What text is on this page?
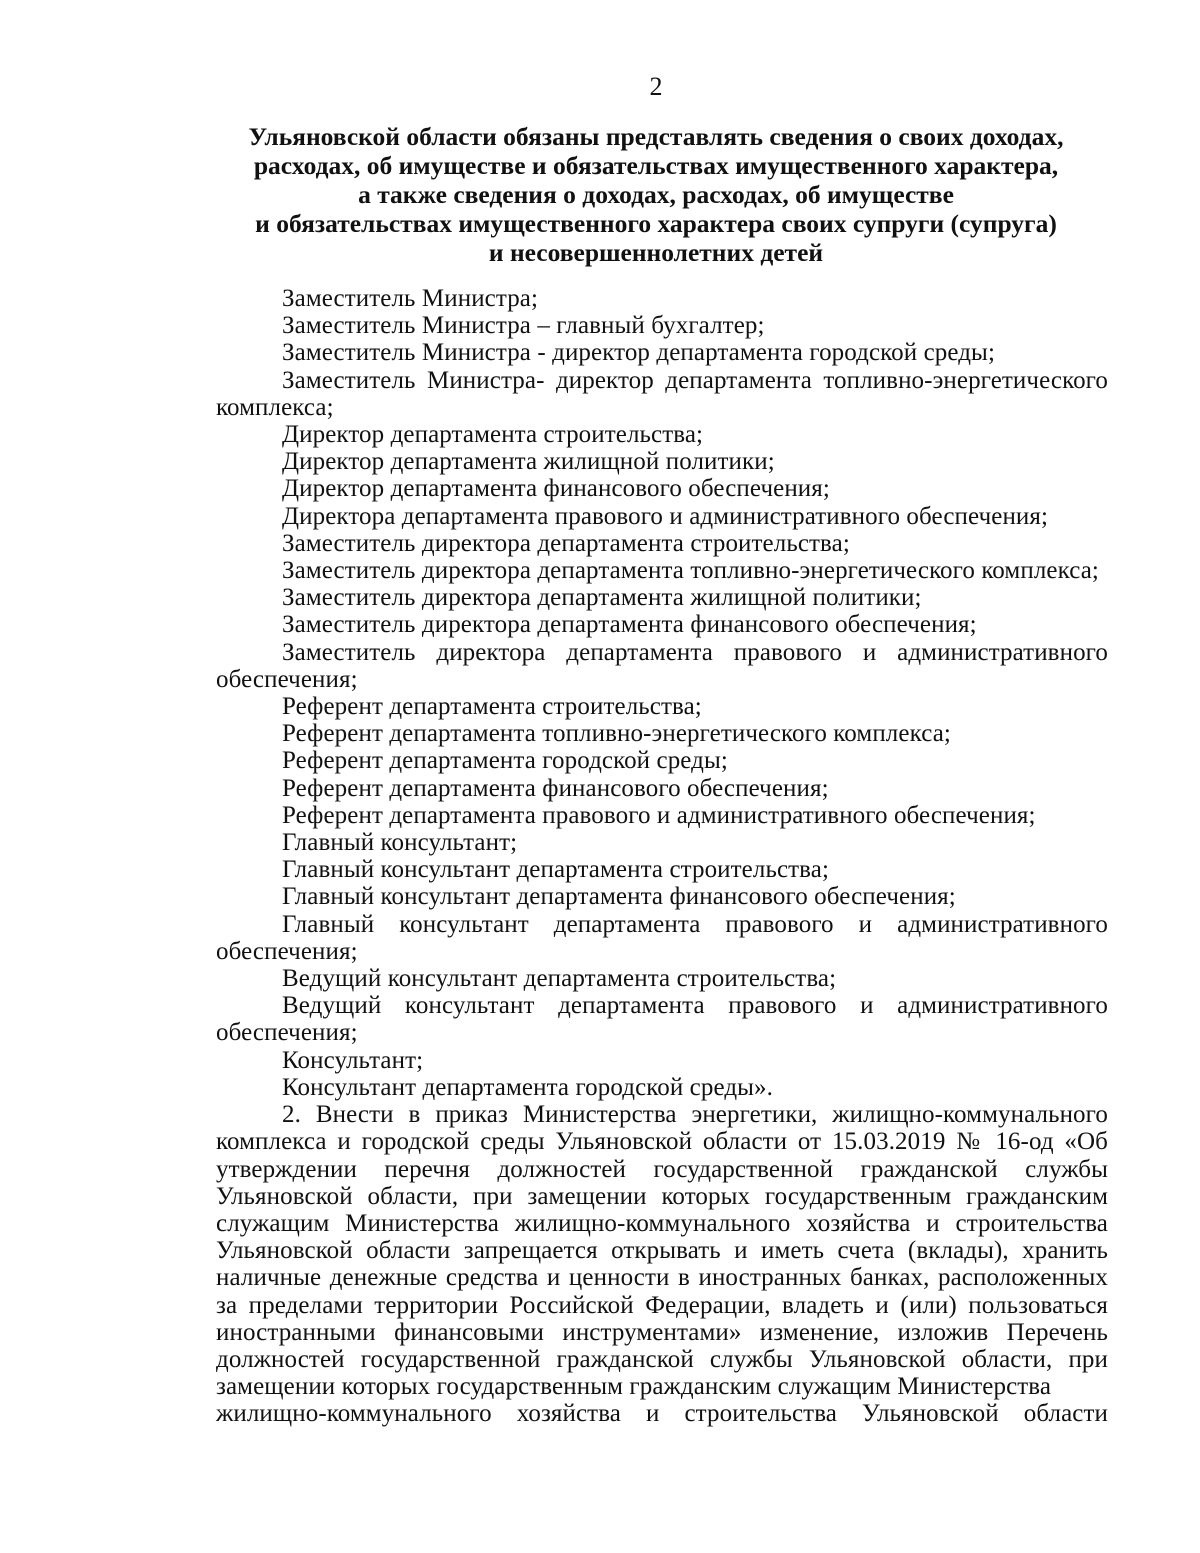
2
Ульяновской области обязаны представлять сведения о своих доходах,
расходах, об имуществе и обязательствах имущественного характера,
а также сведения о доходах, расходах, об имуществе
и обязательствах имущественного характера своих супруги (супруга)
и несовершеннолетних детей

Заместитель Министра;

Заместитель Министра – главный бухгалтер;

Заместитель Министра - директор департамента городской среды;

Заместитель Министра- директор департамента топливно-энергетического комплекса;

Директор департамента строительства;

Директор департамента жилищной политики;

Директор департамента финансового обеспечения;

Директора департамента правового и административного обеспечения;

Заместитель директора департамента строительства;

Заместитель директора департамента топливно-энергетического комплекса;

Заместитель директора департамента жилищной политики;

Заместитель директора департамента финансового обеспечения;

Заместитель директора департамента правового и административного обеспечения;

Референт департамента строительства;

Референт департамента топливно-энергетического комплекса;

Референт департамента городской среды;

Референт департамента финансового обеспечения;

Референт департамента правового и административного обеспечения;

Главный консультант;

Главный консультант департамента строительства;

Главный консультант департамента финансового обеспечения;

Главный консультант департамента правового и административного обеспечения;

Ведущий консультант департамента строительства;

Ведущий консультант департамента правового и административного обеспечения;

Консультант;

Консультант департамента городской среды».

2. Внести в приказ Министерства энергетики, жилищно-коммунального комплекса и городской среды Ульяновской области от 15.03.2019 № 16-од «Об утверждении перечня должностей государственной гражданской службы Ульяновской области, при замещении которых государственным гражданским служащим Министерства жилищно-коммунального хозяйства и строительства Ульяновской области запрещается открывать и иметь счета (вклады), хранить наличные денежные средства и ценности в иностранных банках, расположенных за пределами территории Российской Федерации, владеть и (или) пользоваться иностранными финансовыми инструментами» изменение, изложив Перечень должностей государственной гражданской службы Ульяновской области, при замещении которых государственным гражданским служащим Министерства

жилищно-коммунального хозяйства и строительства Ульяновской области
